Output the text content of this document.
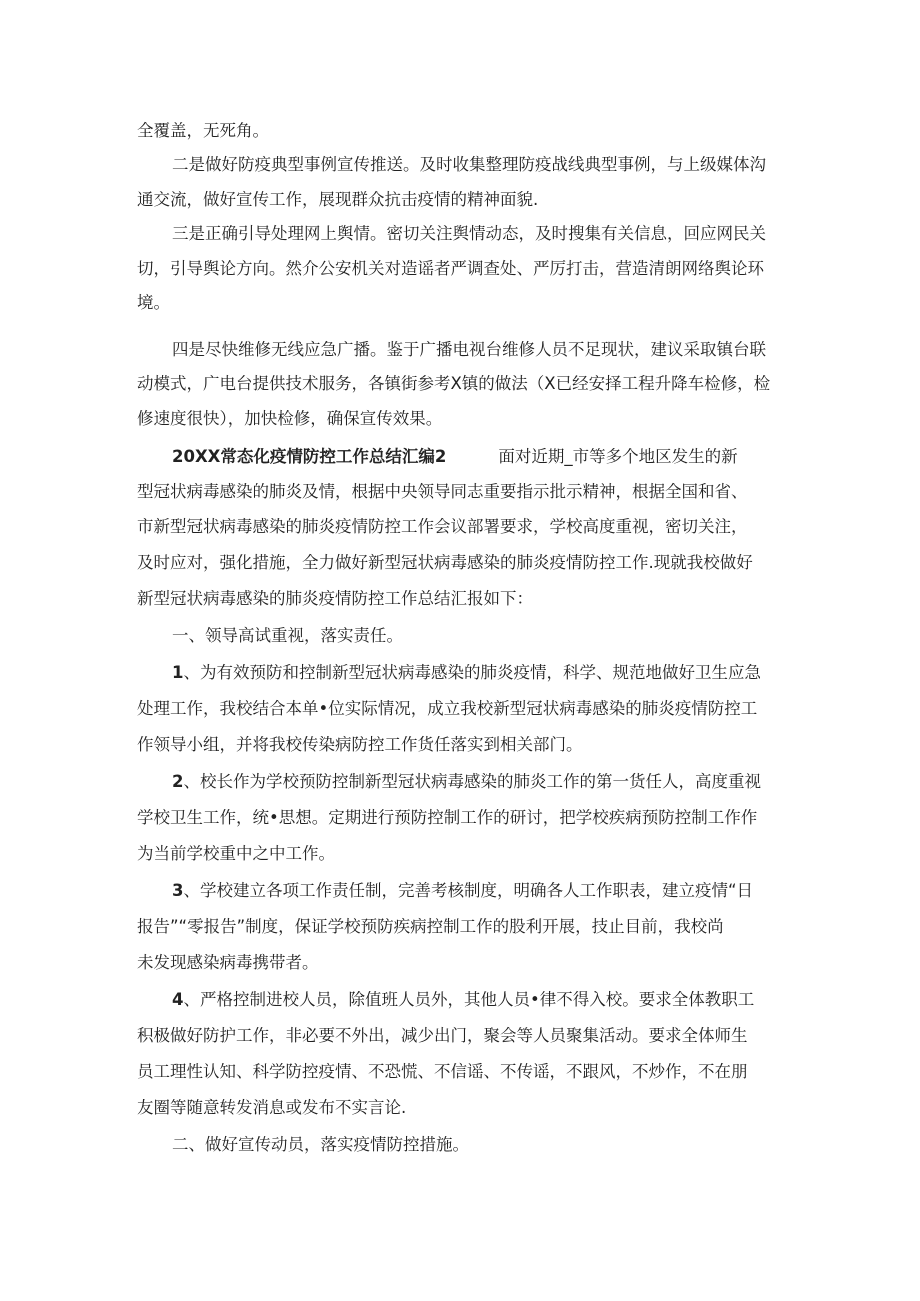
全覆盖，无死角。
二是做好防疫典型事例宣传推送。及时收集整理防疫战线典型事例，与上级媒体沟
通交流，做好宣传工作，展现群众抗击疫情的精神面貌.
三是正确引导处理网上舆情。密切关注舆情动态，及时搜集有关信息，回应网民关
切，引导舆论方向。然介公安机关对造谣者严调查处、严厉打击，营造清朗网络舆论环
境。
四是尽快维修无线应急广播。鉴于广播电视台维修人员不足现状，建议采取镇台联
动模式，广电台提供技术服务，各镇街参考X镇的做法（X已经安择工程升降车检修，检
修速度很快），加快检修，确保宣传效果。
20XX常态化疫情防控工作总结汇编2	面对近期_市等多个地区发生的新
型冠状病毒感染的肺炎及情，根据中央领导同志重要指示批示精神，根据全国和省、
市新型冠状病毒感染的肺炎疫情防控工作会议部署要求，学校高度重视，密切关注，
及时应对，强化措施，全力做好新型冠状病毒感染的肺炎疫情防控工作.现就我校做好
新型冠状病毒感染的肺炎疫情防控工作总结汇报如下：
一、领导高试重视，落实责任。
1、为有效预防和控制新型冠状病毒感染的肺炎疫情，科学、规范地做好卫生应急
处理工作，我校结合本单•位实际情况，成立我校新型冠状病毒感染的肺炎疫情防控工
作领导小组，并将我校传染病防控工作货任落实到相关部门。
2、校长作为学校预防控制新型冠状病毒感染的肺炎工作的第一货任人，高度重视
学校卫生工作，统•思想。定期进行预防控制工作的研讨，把学校疾病预防控制工作作
为当前学校重中之中工作。
3、学校建立各项工作责任制，完善考核制度，明确各人工作职表，建立疫情“日
报告”“零报告”制度，保证学校预防疾病控制工作的股利开展，技止目前，我校尚
未发现感染病毒携带者。
4、严格控制进校人员，除值班人员外，其他人员•律不得入校。要求全体教职工
积极做好防护工作，非必要不外出，减少出门，聚会等人员聚集活动。要求全体师生
员工理性认知、科学防控疫情、不恐慌、不信谣、不传谣，不跟风，不炒作，不在朋
友圈等随意转发消息或发布不实言论.
二、做好宣传动员，落实疫情防控措施。
